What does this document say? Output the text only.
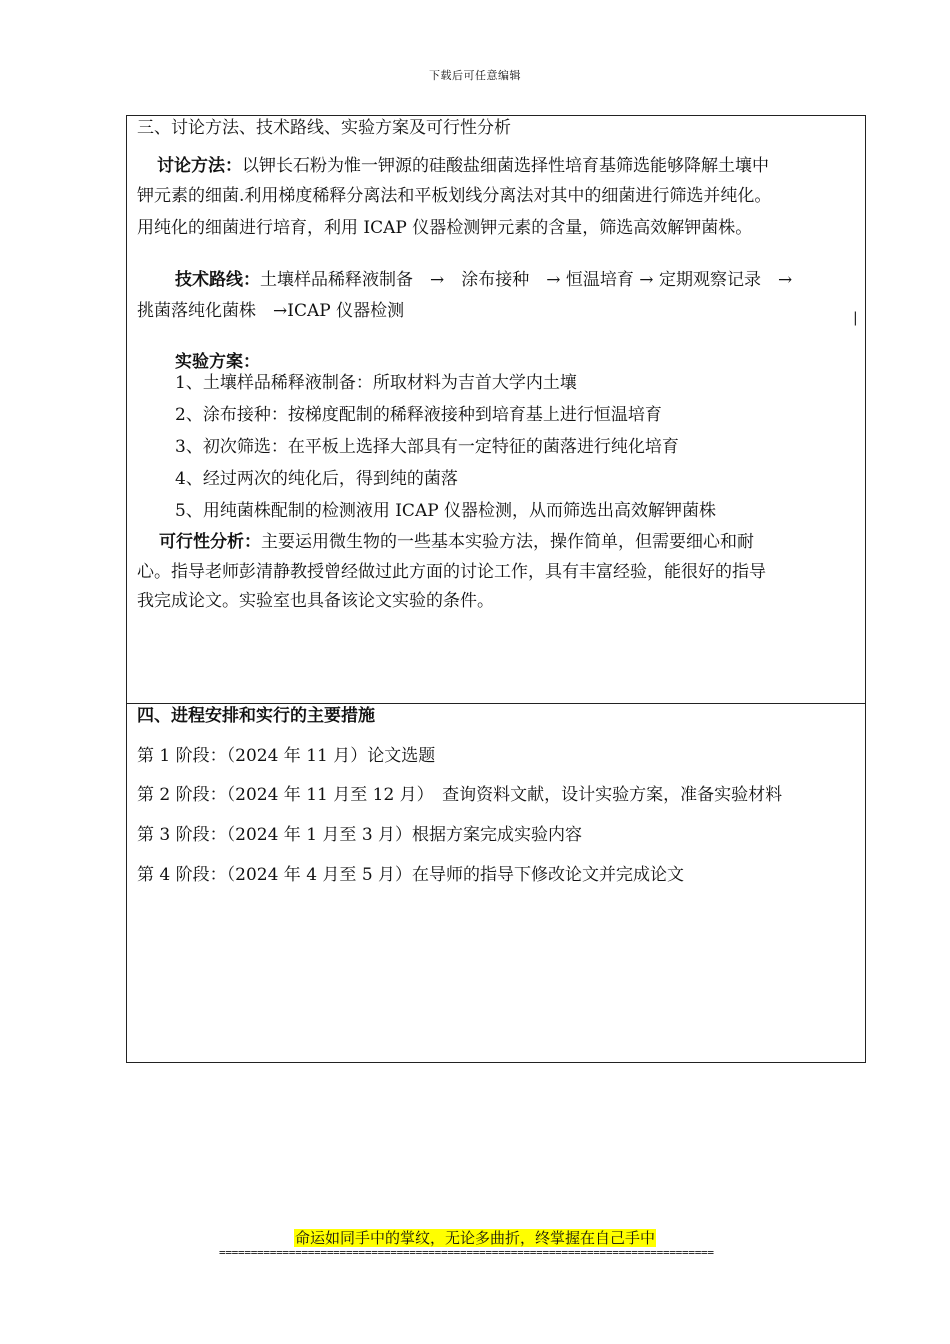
下载后可任意编辑
三、讨论方法、技术路线、实验方案及可行性分析
讨论方法：以钾长石粉为惟一钾源的硅酸盐细菌选择性培育基筛选能够降解土壤中
钾元素的细菌.利用梯度稀释分离法和平板划线分离法对其中的细菌进行筛选并纯化。
用纯化的细菌进行培育，利用 ICAP 仪器检测钾元素的含量，筛选高效解钾菌株。
技术路线：土壤样品稀释液制备　→　涂布接种　→ 恒温培育 → 定期观察记录　→
挑菌落纯化菌株　→ICAP 仪器检测	|
实验方案：
1、土壤样品稀释液制备：所取材料为吉首大学内土壤
2、涂布接种：按梯度配制的稀释液接种到培育基上进行恒温培育
3、初次筛选：在平板上选择大部具有一定特征的菌落进行纯化培育
4、经过两次的纯化后，得到纯的菌落
5、用纯菌株配制的检测液用 ICAP 仪器检测，从而筛选出高效解钾菌株
可行性分析：主要运用微生物的一些基本实验方法，操作简单，但需要细心和耐
心。指导老师彭清静教授曾经做过此方面的讨论工作，具有丰富经验，能很好的指导
我完成论文。实验室也具备该论文实验的条件。
四、进程安排和实行的主要措施
第 1 阶段：（2024 年 11 月）论文选题
第 2 阶段：（2024 年 11 月至 12 月）　查询资料文献，设计实验方案，准备实验材料
第 3 阶段：（2024 年 1 月至 3 月）根据方案完成实验内容
第 4 阶段：（2024 年 4 月至 5 月）在导师的指导下修改论文并完成论文
命运如同手中的掌纹，无论多曲折，终掌握在自己手中
==============================================================================
